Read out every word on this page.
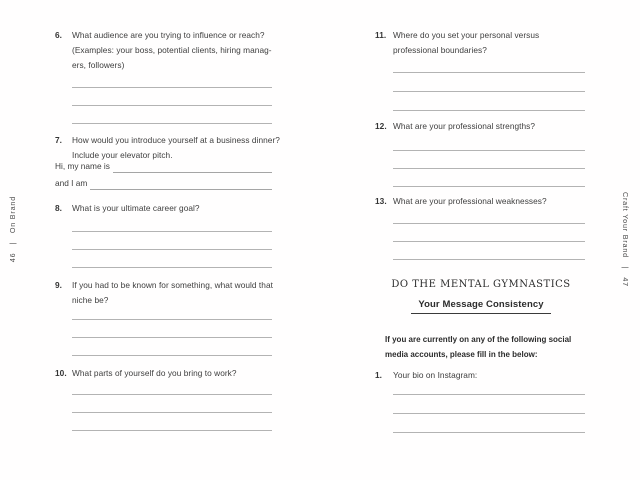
46   |   On Brand	Craft Your Brand   |   47
6.	What audience are you trying to influence or reach?
(Examples: your boss, potential clients, hiring manag-
ers, followers)
7.	How would you introduce yourself at a business dinner?
Include your elevator pitch.
Hi, my name is
and I am
8.	What is your ultimate career goal?
9.	If you had to be known for something, what would that
niche be?
10. What parts of yourself do you bring to work?
11. Where do you set your personal versus
professional boundaries?
12. What are your professional strengths?
13. What are your professional weaknesses?
DO THE MENTAL GYMNASTICS
Your Message Consistency
If you are currently on any of the following social
media accounts, please fill in the below:
1.	Your bio on Instagram:
